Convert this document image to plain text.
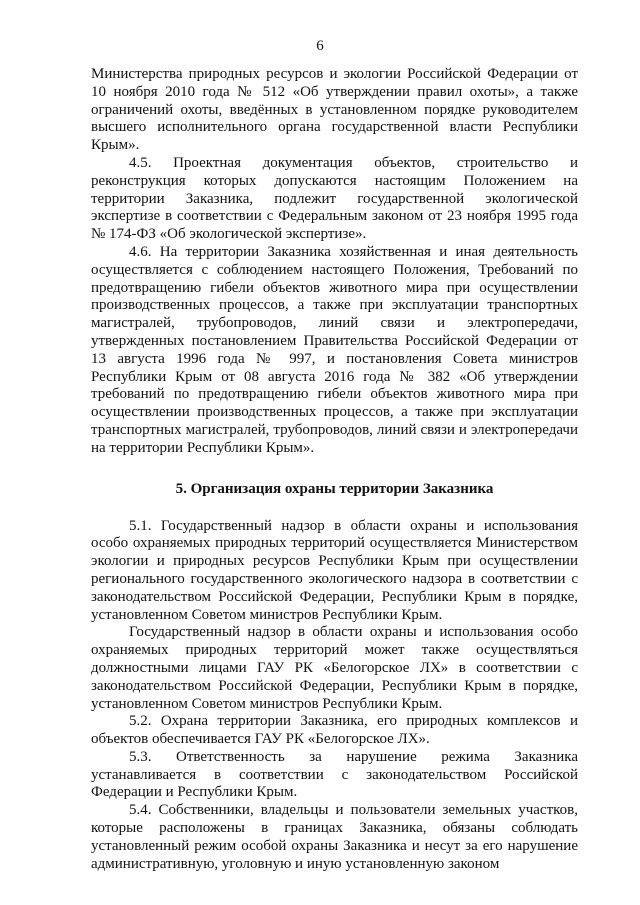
6

Министерства природных ресурсов и экологии Российской Федерации от 10 ноября 2010 года № 512 «Об утверждении правил охоты», а также ограничений охоты, введённых в установленном порядке руководителем высшего исполнительного органа государственной власти Республики Крым».

4.5. Проектная документация объектов, строительство и реконструкция которых допускаются настоящим Положением на территории Заказника, подлежит государственной экологической экспертизе в соответствии с Федеральным законом от 23 ноября 1995 года № 174-ФЗ «Об экологической экспертизе».

4.6. На территории Заказника хозяйственная и иная деятельность осуществляется с соблюдением настоящего Положения, Требований по предотвращению гибели объектов животного мира при осуществлении производственных процессов, а также при эксплуатации транспортных магистралей, трубопроводов, линий связи и электропередачи, утвержденных постановлением Правительства Российской Федерации от 13 августа 1996 года № 997, и постановления Совета министров Республики Крым от 08 августа 2016 года № 382 «Об утверждении требований по предотвращению гибели объектов животного мира при осуществлении производственных процессов, а также при эксплуатации транспортных магистралей, трубопроводов, линий связи и электропередачи на территории Республики Крым».

5. Организация охраны территории Заказника

5.1. Государственный надзор в области охраны и использования особо охраняемых природных территорий осуществляется Министерством экологии и природных ресурсов Республики Крым при осуществлении регионального государственного экологического надзора в соответствии с законодательством Российской Федерации, Республики Крым в порядке, установленном Советом министров Республики Крым.

Государственный надзор в области охраны и использования особо охраняемых природных территорий может также осуществляться должностными лицами ГАУ РК «Белогорское ЛХ» в соответствии с законодательством Российской Федерации, Республики Крым в порядке, установленном Советом министров Республики Крым.

5.2. Охрана территории Заказника, его природных комплексов и объектов обеспечивается ГАУ РК «Белогорское ЛХ».

5.3. Ответственность за нарушение режима Заказника устанавливается в соответствии с законодательством Российской Федерации и Республики Крым.

5.4. Собственники, владельцы и пользователи земельных участков, которые расположены в границах Заказника, обязаны соблюдать установленный режим особой охраны Заказника и несут за его нарушение административную, уголовную и иную установленную законом
